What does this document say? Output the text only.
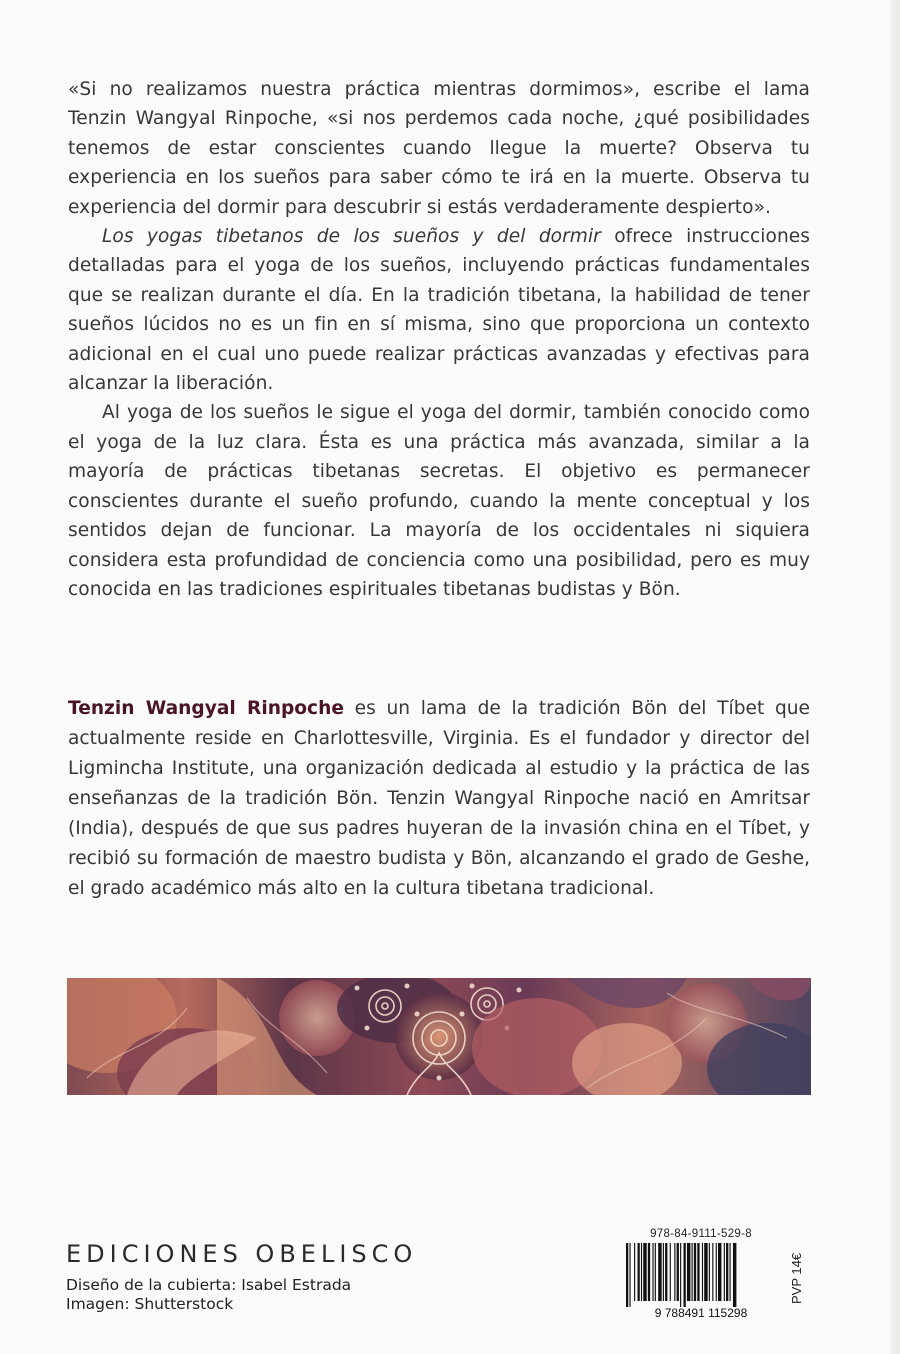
«Si no realizamos nuestra práctica mientras dormimos», escribe el lama Tenzin Wangyal Rinpoche, «si nos perdemos cada noche, ¿qué posibilidades tenemos de estar conscientes cuando llegue la muerte? Observa tu experiencia en los sueños para saber cómo te irá en la muerte. Observa tu experiencia del dormir para descubrir si estás verdaderamente despierto».

Los yogas tibetanos de los sueños y del dormir ofrece instrucciones detalladas para el yoga de los sueños, incluyendo prácticas fundamentales que se realizan durante el día. En la tradición tibetana, la habilidad de tener sueños lúcidos no es un fin en sí misma, sino que proporciona un contexto adicional en el cual uno puede realizar prácticas avanzadas y efectivas para alcanzar la liberación.

Al yoga de los sueños le sigue el yoga del dormir, también conocido como el yoga de la luz clara. Ésta es una práctica más avanzada, similar a la mayoría de prácticas tibetanas secretas. El objetivo es permanecer conscientes durante el sueño profundo, cuando la mente conceptual y los sentidos dejan de funcionar. La mayoría de los occidentales ni siquiera considera esta profundidad de conciencia como una posibilidad, pero es muy conocida en las tradiciones espirituales tibetanas budistas y Bön.

Tenzin Wangyal Rinpoche es un lama de la tradición Bön del Tíbet que actualmente reside en Charlottesville, Virginia. Es el fundador y director del Ligmincha Institute, una organización dedicada al estudio y la práctica de las enseñanzas de la tradición Bön. Tenzin Wangyal Rinpoche nació en Amritsar (India), después de que sus padres huyeran de la invasión china en el Tíbet, y recibió su formación de maestro budista y Bön, alcanzando el grado de Geshe, el grado académico más alto en la cultura tibetana tradicional.

EDICIONES OBELISCO
Diseño de la cubierta: Isabel Estrada
Imagen: Shutterstock
978-84-9111-529-8
9 788491 115298
PVP 14€
